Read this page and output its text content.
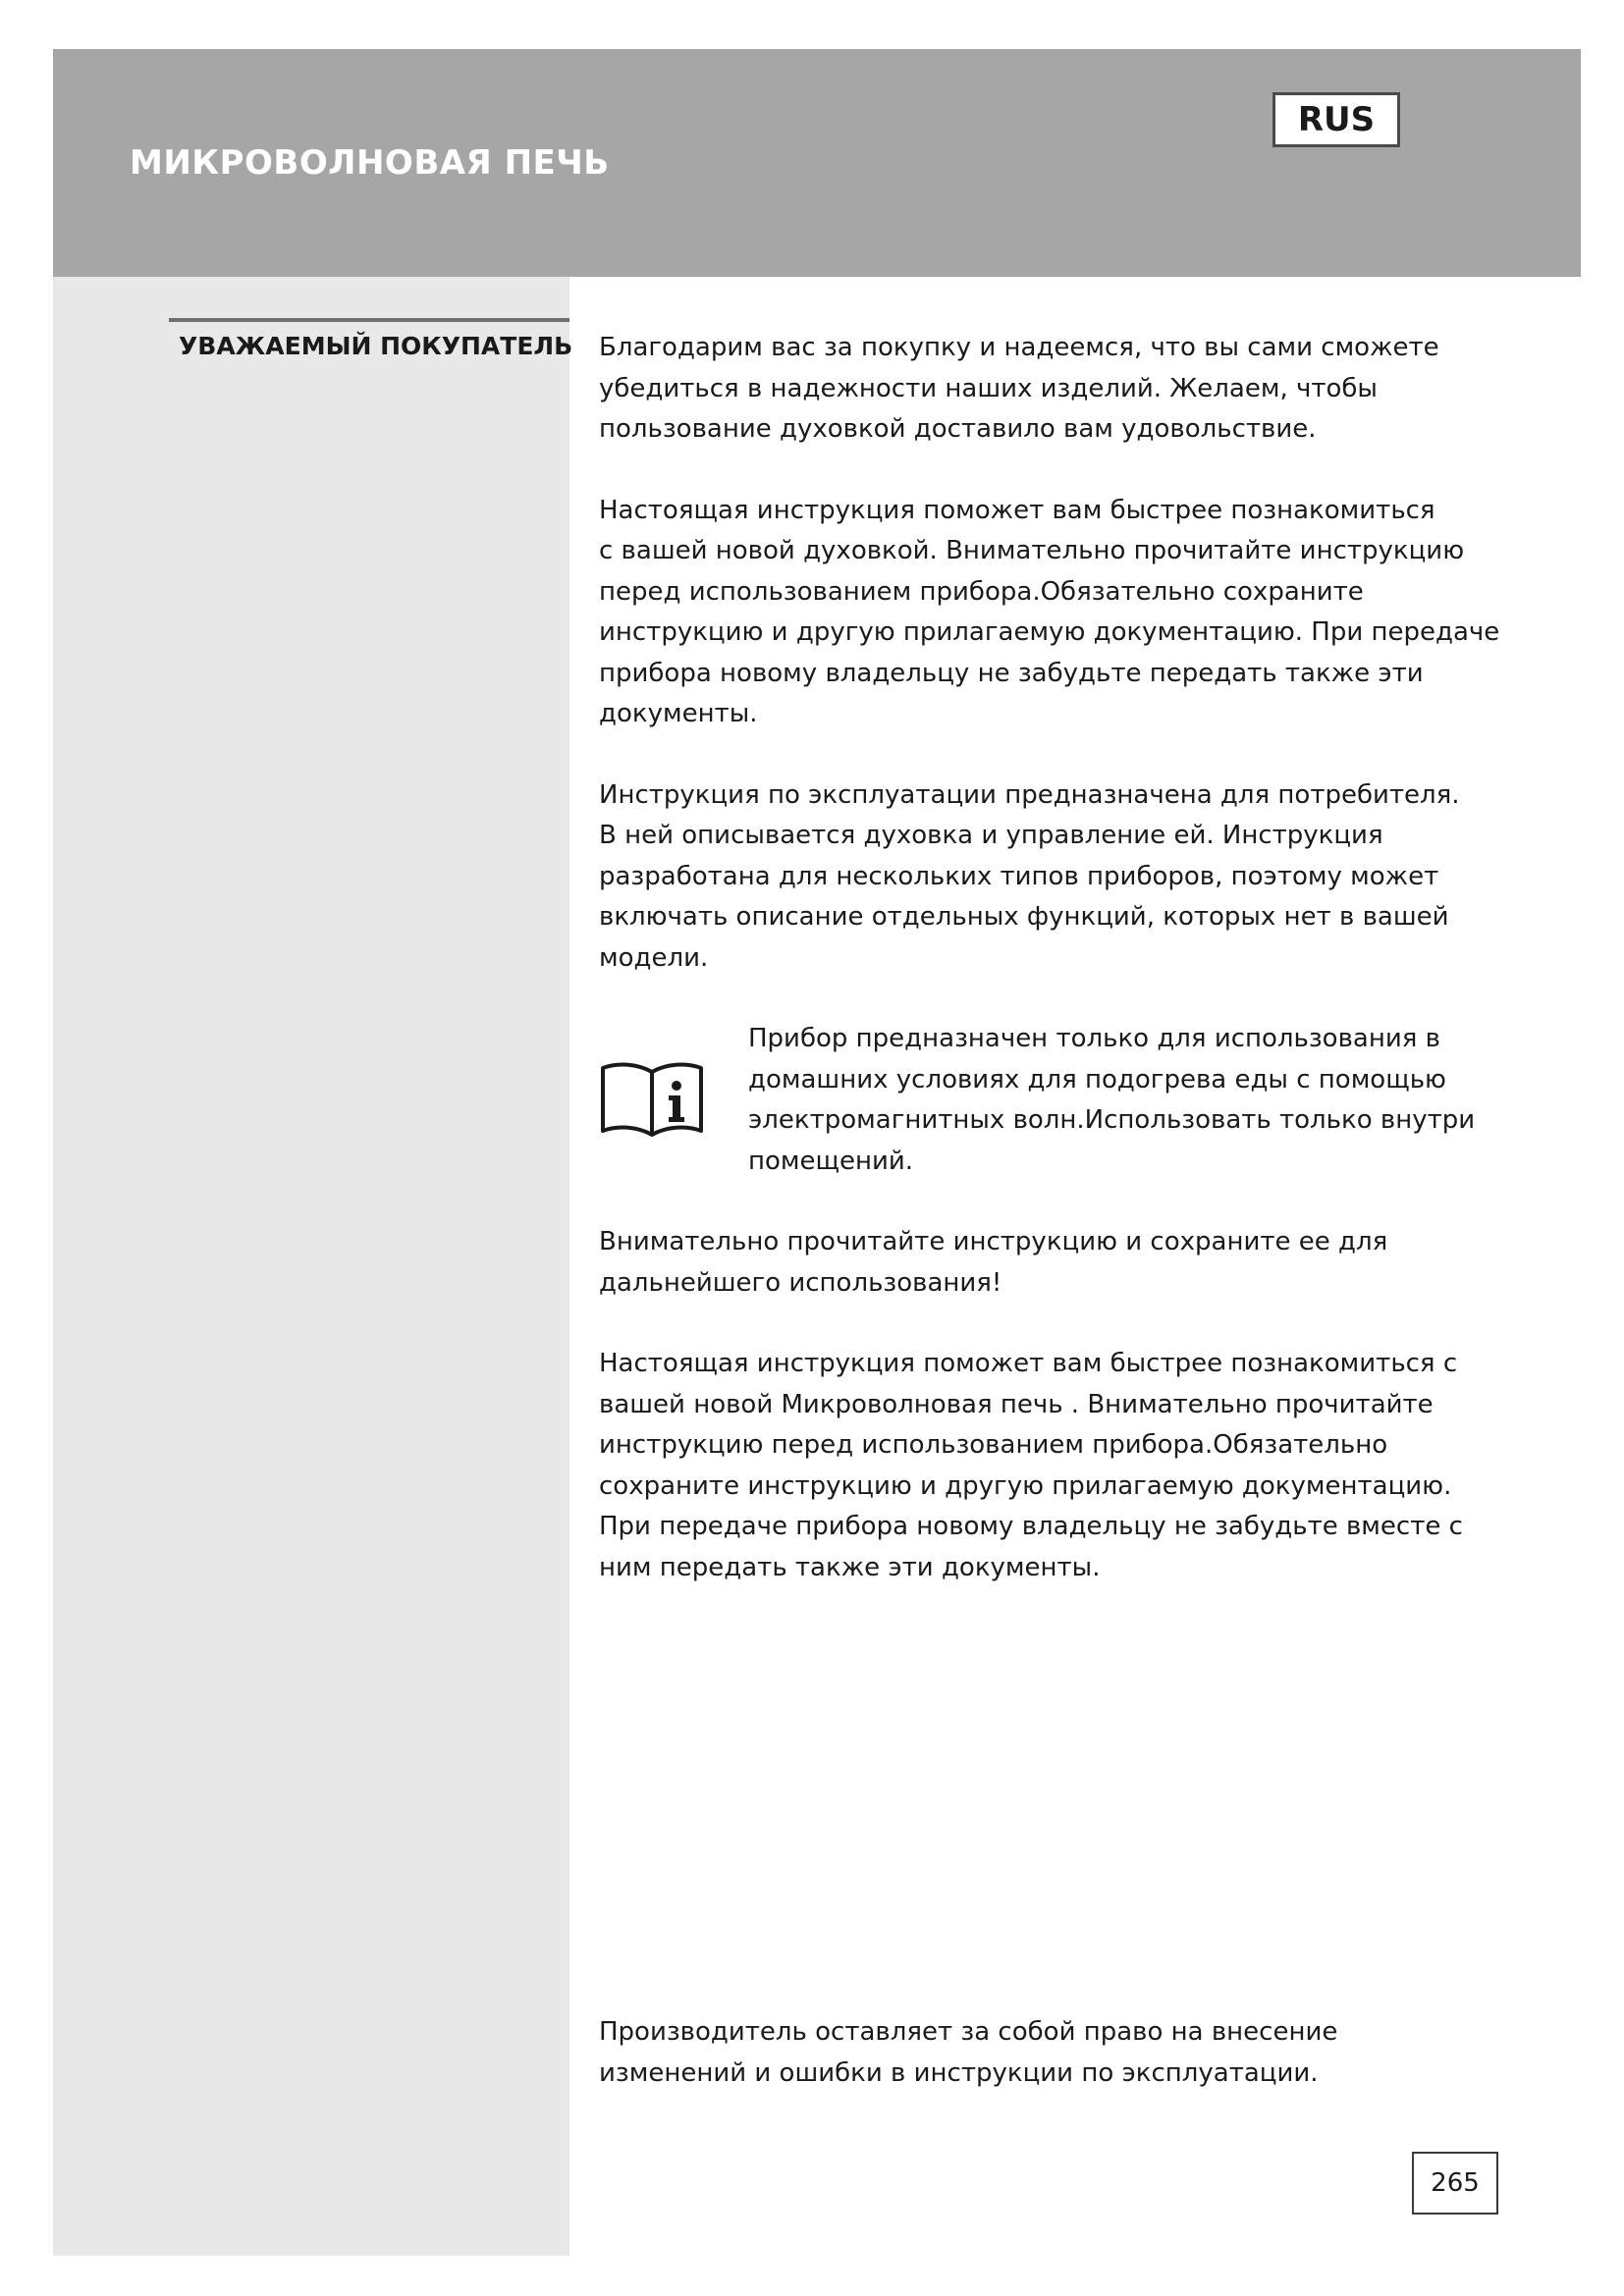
МИКРОВОЛНОВАЯ ПЕЧЬ
RUS
УВАЖАЕМЫЙ ПОКУПАТЕЛЬ Благодарим вас за покупку и надеемся, что вы сами сможете
убедиться в надежности наших изделий. Желаем, чтобы
пользование духовкой доставило вам удовольствие.

Настоящая инструкция поможет вам быстрее познакомиться
с вашей новой духовкой. Внимательно прочитайте инструкцию
перед использованием прибора.Обязательно сохраните
инструкцию и другую прилагаемую документацию. При передаче
прибора новому владельцу не забудьте передать также эти
документы.

Инструкция по эксплуатации предназначена для потребителя.
В ней описывается духовка и управление ей. Инструкция
разработана для нескольких типов приборов, поэтому может
включать описание отдельных функций, которых нет в вашей
модели.

Прибор предназначен только для использования в
домашних условиях для подогрева еды с помощью
электромагнитных волн.Использовать только внутри
помещений.

Внимательно прочитайте инструкцию и сохраните ее для
дальнейшего использования!

Настоящая инструкция поможет вам быстрее познакомиться с
вашей новой Микроволновая печь . Внимательно прочитайте
инструкцию перед использованием прибора.Обязательно
сохраните инструкцию и другую прилагаемую документацию.
При передаче прибора новому владельцу не забудьте вместе с
ним передать также эти документы.

Производитель оставляет за собой право на внесение
изменений и ошибки в инструкции по эксплуатации.

265
